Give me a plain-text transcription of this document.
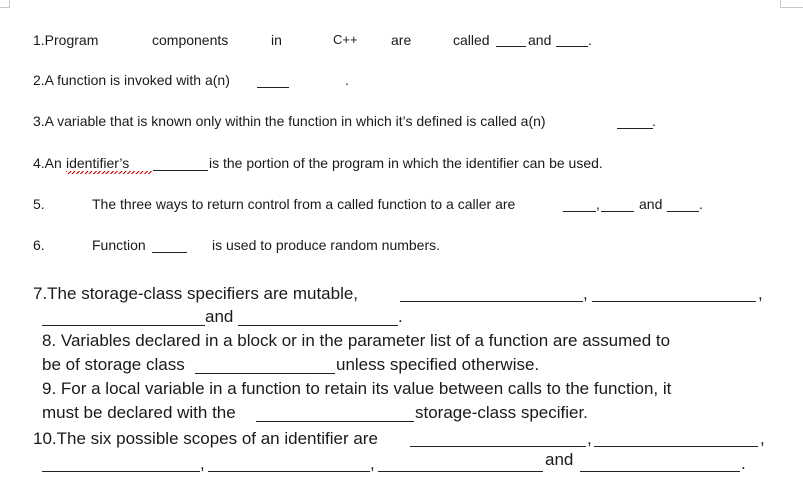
1.Program	components	in	C++ are	called	and	.
2.A function is invoked with a(n)	.
3.A variable that is known only within the function in which it’s defined is called a(n)	.
4.An identifier’s	is the portion of the program in which the identifier can be used.
5.	The three ways to return control from a called function to a caller are	,	and	.
6.	Function	is used to produce random numbers.
7.The storage-class specifiers are mutable,	,	,
and	.
8. Variables declared in a block or in the parameter list of a function are assumed to
be of storage class	unless specified otherwise.
9. For a local variable in a function to retain its value between calls to the function, it
must be declared with the	storage-class specifier.
10.The six possible scopes of an identifier are	,	,
,	,	and	.
